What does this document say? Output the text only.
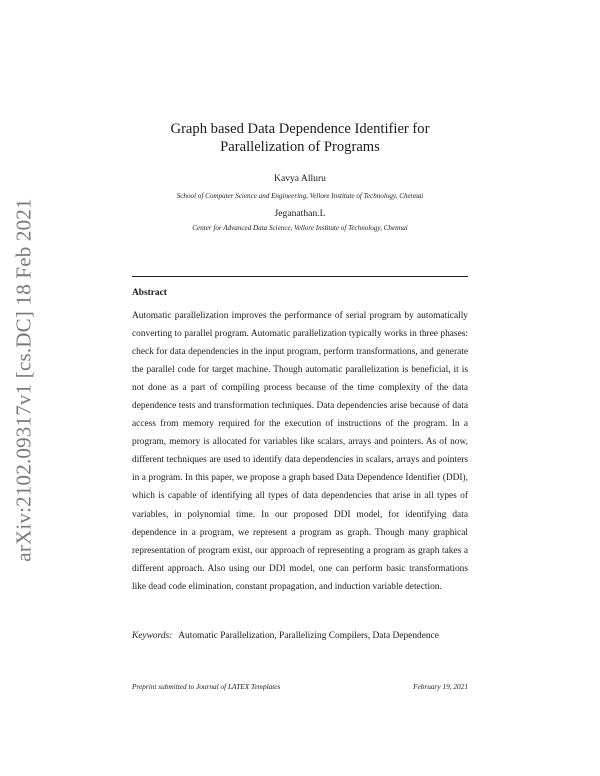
arXiv:2102.09317v1 [cs.DC] 18 Feb 2021
Graph based Data Dependence Identifier for
Parallelization of Programs
Kavya Alluru
School of Computer Science and Engineering, Vellore Institute of Technology, Chennai
Jeganathan.L
Center for Advanced Data Science, Vellore Institute of Technology, Chennai
Abstract
Automatic parallelization improves the performance of serial program by automatically converting to parallel program. Automatic parallelization typically works in three phases: check for data dependencies in the input program, perform transformations, and generate the parallel code for target machine. Though automatic parallelization is beneficial, it is not done as a part of compiling process because of the time complexity of the data dependence tests and transformation techniques. Data dependencies arise because of data access from memory required for the execution of instructions of the program. In a program, memory is allocated for variables like scalars, arrays and pointers. As of now, different techniques are used to identify data dependencies in scalars, arrays and pointers in a program. In this paper, we propose a graph based Data Dependence Identifier (DDI), which is capable of identifying all types of data dependencies that arise in all types of variables, in polynomial time. In our proposed DDI model, for identifying data dependence in a program, we represent a program as graph. Though many graphical representation of program exist, our approach of representing a program as graph takes a different approach. Also using our DDI model, one can perform basic transformations like dead code elimination, constant propagation, and induction variable detection.
Keywords: Automatic Parallelization, Parallelizing Compilers, Data Dependence
Preprint submitted to Journal of LATEX Templates	February 19, 2021
